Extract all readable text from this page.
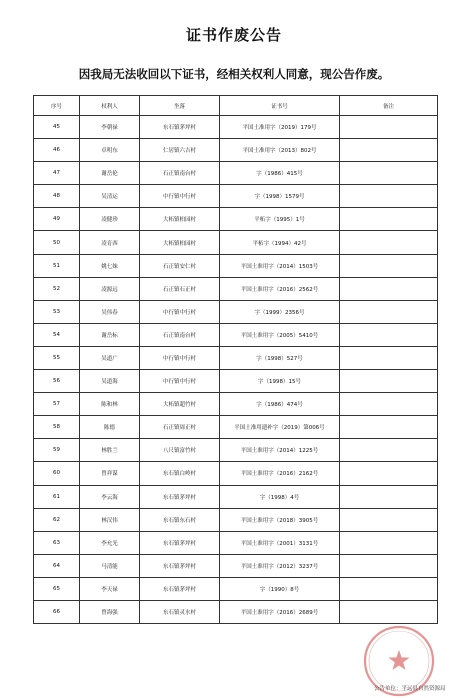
证书作废公告
因我局无法收回以下证书，经相关权利人同意，现公告作废。
序号	权利人	坐落	证书号	备注
45	李朝禄	东石镇茅坪村	平国土准用字（2019）179号	
46	卓明东	仁居镇六吉村	平国土准用字（2013）802号	
47	谢岳伦	石正镇南台村	字（1986）415号	
48	吴清运	中行镇中行村	字（1998）1579号	
49	凌健珍	大柘镇桕园村	平柘字（1995）1号	
50	凌育西	大柘镇桕园村	平柘字（1994）42号	
51	姚七妹	石正镇安仁村	平国土准用字（2014）1503号	
52	凌源远	石正镇石正村	平国土准用字（2016）2562号	
53	吴伟春	中行镇中行村	字（1999）2356号	
54	谢岳标	石正镇南台村	平国土准用字（2005）5410号	
55	吴道广	中行镇中行村	字（1998）527号	
56	吴道海	中行镇中行村	字（1998）15号	
57	陈和林	大柘镇超竹村	字（1986）474号	
58	陈德	石正镇周正村	平国土准用遗补字（2019）第006号	
59	林胜兰	八尺镇富竹村	平国土准用字（2014）1225号	
60	曾祥谋	东石镇白岭村	平国土准用字（2016）2162号	
61	李云海	东石镇茅坪村	字（1998）4号	
62	林汉伟	东石镇东石村	平国土准用字（2018）3905号	
63	李允光	东石镇茅坪村	平国土准用字（2001）3131号	
64	马清能	东石镇茅坪村	平国土准用字（2012）3237号	
65	李天禄	东石镇茅坪村	字（1990）8号	
66	曾海强	东石镇灵水村	平国土准用字（2016）2689号	
公告单位：平远县自然资源局
